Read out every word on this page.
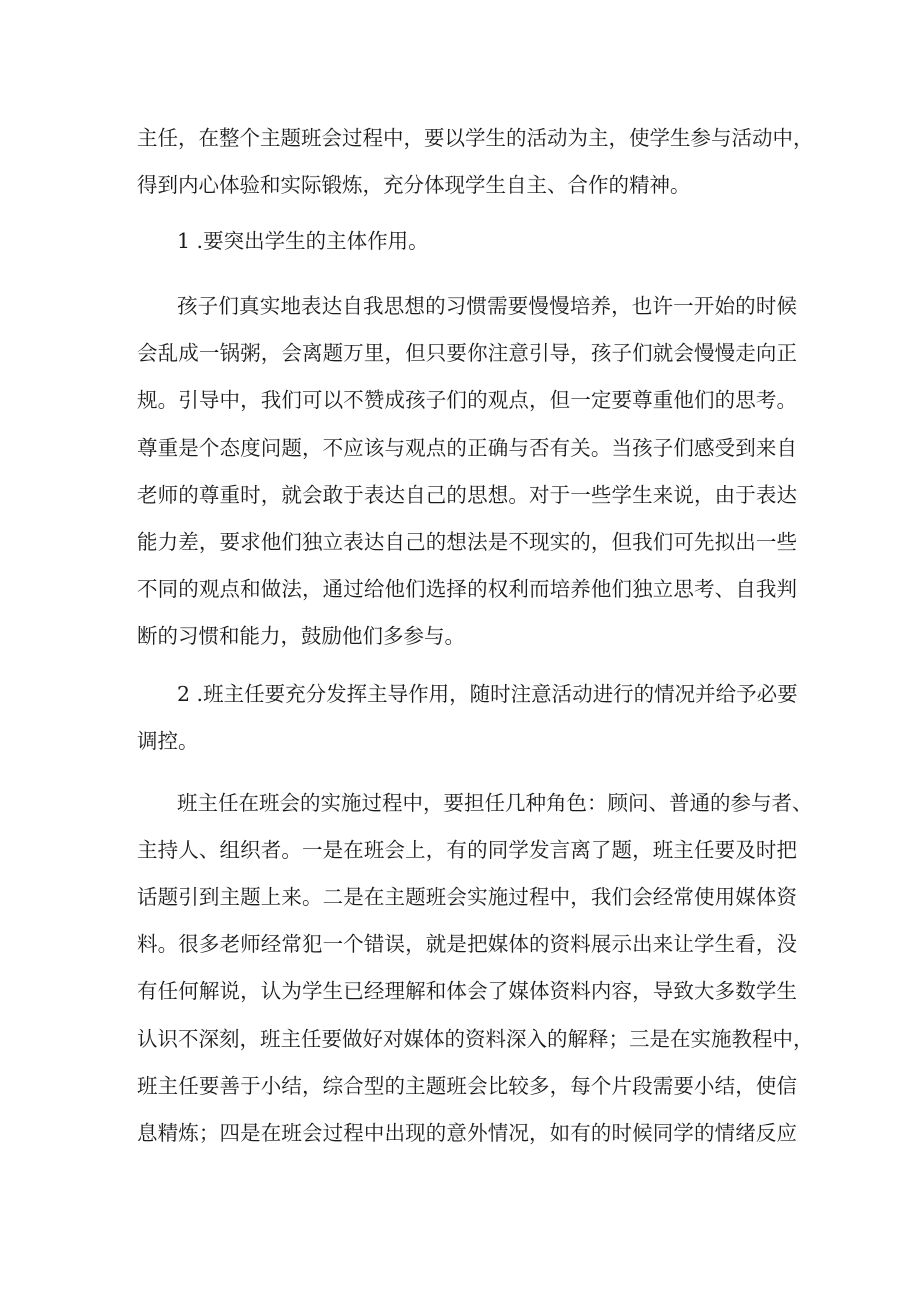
主任，在整个主题班会过程中，要以学生的活动为主，使学生参与活动中，

得到内心体验和实际锻炼，充分体现学生自主、合作的精神。

1 .要突出学生的主体作用。

孩子们真实地表达自我思想的习惯需要慢慢培养，也许一开始的时候

会乱成一锅粥，会离题万里，但只要你注意引导，孩子们就会慢慢走向正

规。引导中，我们可以不赞成孩子们的观点，但一定要尊重他们的思考。

尊重是个态度问题，不应该与观点的正确与否有关。当孩子们感受到来自

老师的尊重时，就会敢于表达自己的思想。对于一些学生来说，由于表达

能力差，要求他们独立表达自己的想法是不现实的，但我们可先拟出一些

不同的观点和做法，通过给他们选择的权利而培养他们独立思考、自我判

断的习惯和能力，鼓励他们多参与。

2 .班主任要充分发挥主导作用，随时注意活动进行的情况并给予必要

调控。

班主任在班会的实施过程中，要担任几种角色：顾问、普通的参与者、

主持人、组织者。一是在班会上，有的同学发言离了题，班主任要及时把

话题引到主题上来。二是在主题班会实施过程中，我们会经常使用媒体资

料。很多老师经常犯一个错误，就是把媒体的资料展示出来让学生看，没

有任何解说，认为学生已经理解和体会了媒体资料内容，导致大多数学生

认识不深刻，班主任要做好对媒体的资料深入的解释；三是在实施教程中，

班主任要善于小结，综合型的主题班会比较多，每个片段需要小结，使信

息精炼；四是在班会过程中出现的意外情况，如有的时候同学的情绪反应
